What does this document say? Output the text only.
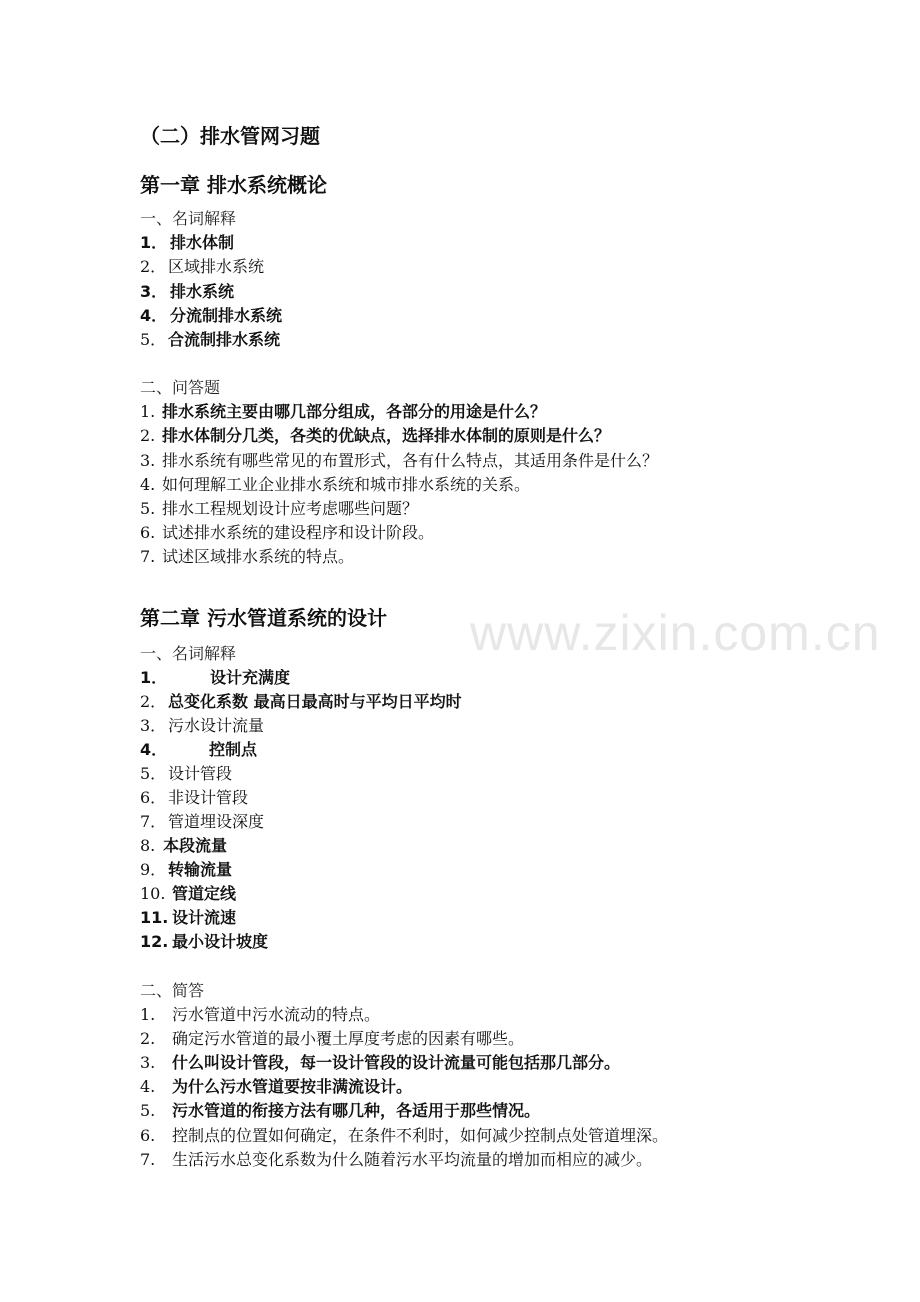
www.zixin.com.cn
（二）排水管网习题
第一章 排水系统概论
一、名词解释
1． 排水体制
2． 区域排水系统
3． 排水系统
4． 分流制排水系统
5． 合流制排水系统
二、问答题
1. 排水系统主要由哪几部分组成，各部分的用途是什么？
2. 排水体制分几类，各类的优缺点，选择排水体制的原则是什么？
3. 排水系统有哪些常见的布置形式，各有什么特点，其适用条件是什么？
4. 如何理解工业企业排水系统和城市排水系统的关系。
5. 排水工程规划设计应考虑哪些问题？
6. 试述排水系统的建设程序和设计阶段。
7. 试述区域排水系统的特点。
第二章 污水管道系统的设计
一、名词解释
1．	设计充满度
2． 总变化系数 最高日最高时与平均日平均时
3． 污水设计流量
4．	控制点
5． 设计管段
6． 非设计管段
7． 管道埋设深度
8. 本段流量
9． 转输流量
10. 管道定线
11. 设计流速
12. 最小设计坡度
二、简答
1. 污水管道中污水流动的特点。
2. 确定污水管道的最小覆土厚度考虑的因素有哪些。
3. 什么叫设计管段，每一设计管段的设计流量可能包括那几部分。
4. 为什么污水管道要按非满流设计。
5. 污水管道的衔接方法有哪几种，各适用于那些情况。
6. 控制点的位置如何确定，在条件不利时，如何减少控制点处管道埋深。
7. 生活污水总变化系数为什么随着污水平均流量的增加而相应的减少。
